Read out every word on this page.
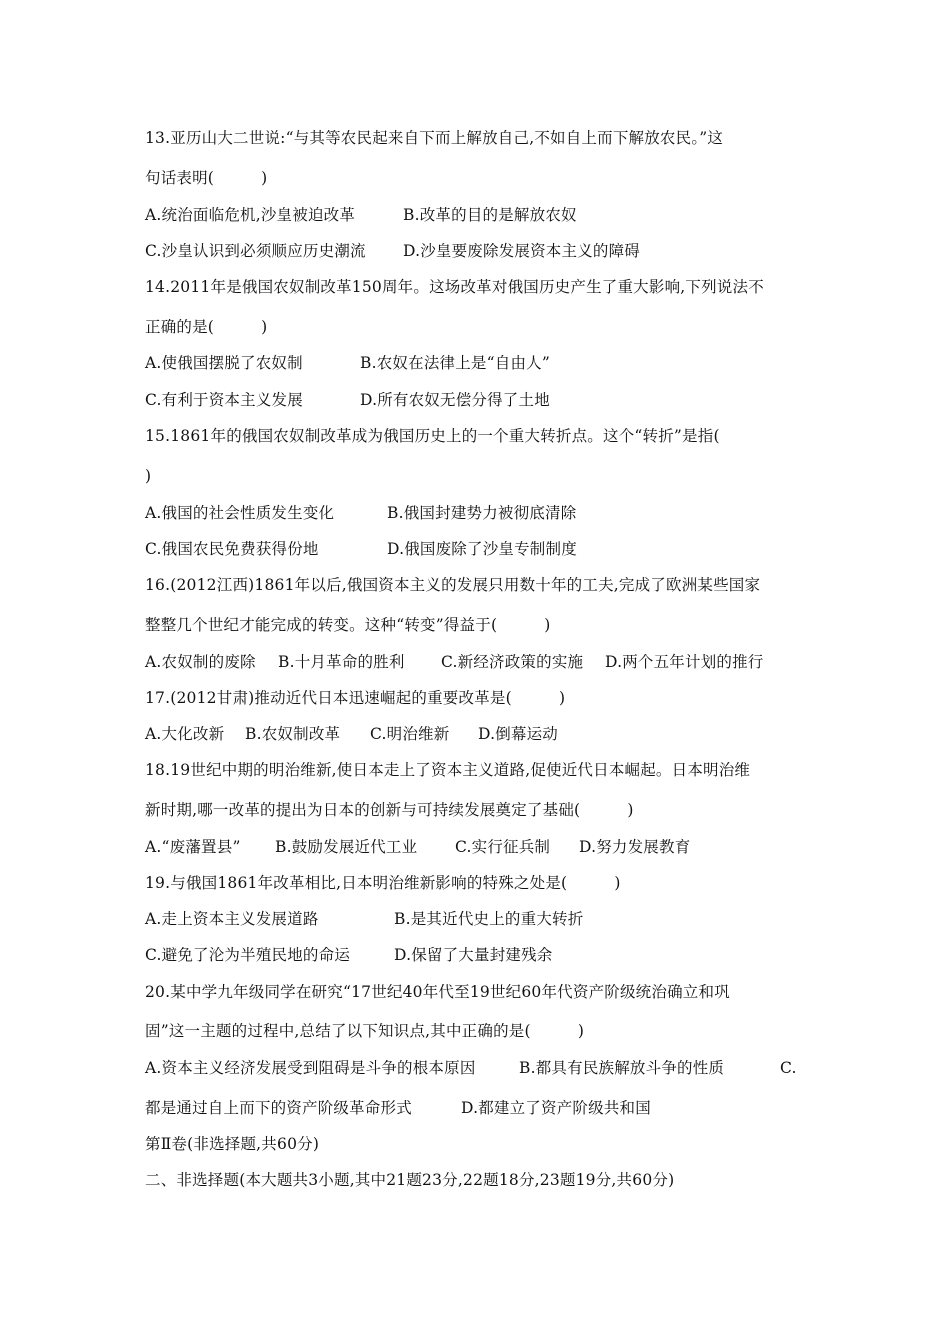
13.亚历山大二世说:“与其等农民起来自下而上解放自己,不如自上而下解放农民。”这
句话表明(　　　)
A.统治面临危机,沙皇被迫改革	B.改革的目的是解放农奴
C.沙皇认识到必须顺应历史潮流 D.沙皇要废除发展资本主义的障碍
14.2011年是俄国农奴制改革150周年。这场改革对俄国历史产生了重大影响,下列说法不
正确的是(　　　)
A.使俄国摆脱了农奴制	B.农奴在法律上是“自由人”
C.有利于资本主义发展	D.所有农奴无偿分得了土地
15.1861年的俄国农奴制改革成为俄国历史上的一个重大转折点。这个“转折”是指(
)
A.俄国的社会性质发生变化	B.俄国封建势力被彻底清除
C.俄国农民免费获得份地	D.俄国废除了沙皇专制制度
16.(2012江西)1861年以后,俄国资本主义的发展只用数十年的工夫,完成了欧洲某些国家
整整几个世纪才能完成的转变。这种“转变”得益于(　　　)
A.农奴制的废除 B.十月革命的胜利 C.新经济政策的实施 D.两个五年计划的推行
17.(2012甘肃)推动近代日本迅速崛起的重要改革是(　　　)
A.大化改新 B.农奴制改革 C.明治维新 D.倒幕运动
18.19世纪中期的明治维新,使日本走上了资本主义道路,促使近代日本崛起。日本明治维
新时期,哪一改革的提出为日本的创新与可持续发展奠定了基础(　　　)
A.“废藩置县” B.鼓励发展近代工业 C.实行征兵制 D.努力发展教育
19.与俄国1861年改革相比,日本明治维新影响的特殊之处是(　　　)
A.走上资本主义发展道路	B.是其近代史上的重大转折
C.避免了沦为半殖民地的命运	D.保留了大量封建残余
20.某中学九年级同学在研究“17世纪40年代至19世纪60年代资产阶级统治确立和巩
固”这一主题的过程中,总结了以下知识点,其中正确的是(　　　)
A.资本主义经济发展受到阻碍是斗争的根本原因	B.都具有民族解放斗争的性质	C.
都是通过自上而下的资产阶级革命形式	D.都建立了资产阶级共和国
第Ⅱ卷(非选择题,共60分)
二、非选择题(本大题共3小题,其中21题23分,22题18分,23题19分,共60分)
